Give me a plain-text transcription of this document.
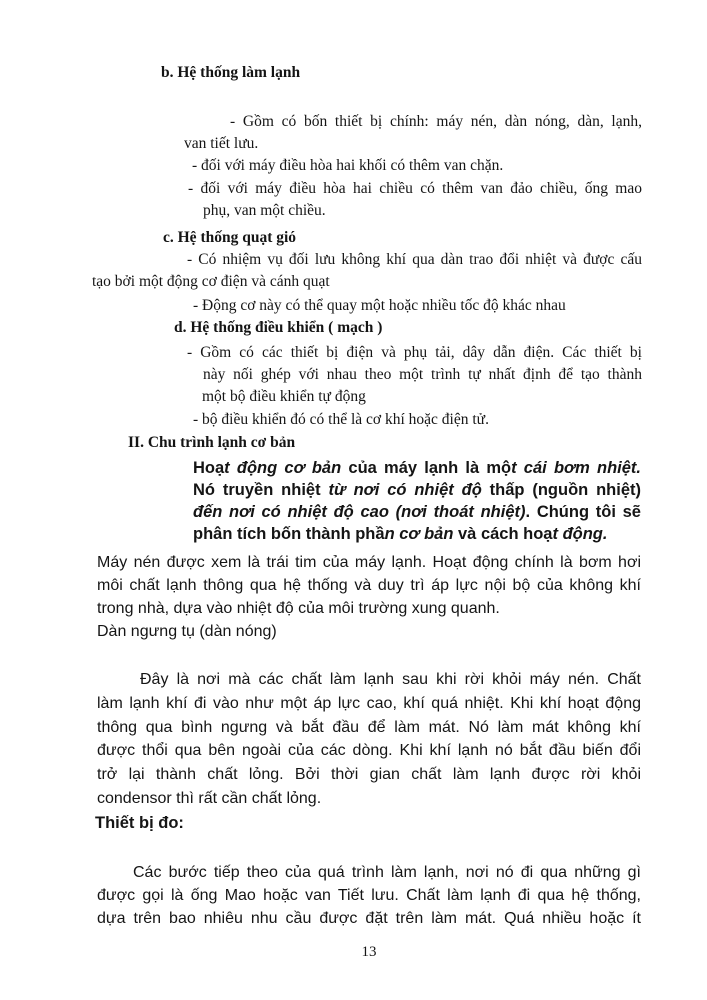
b. Hệ thống làm lạnh
- Gồm có bốn thiết bị chính: máy nén, dàn nóng, dàn, lạnh,
van tiết lưu.
- đối với máy điều hòa hai khối có thêm van chặn.
- đối với máy điều hòa hai chiều có thêm van đảo chiều, ống mao
phụ, van một chiều.
c. Hệ thống quạt gió
- Có nhiệm vụ đối lưu không khí qua dàn trao đổi nhiệt và được cấu
tạo bởi một động cơ điện và cánh quạt
- Động cơ này có thể quay một hoặc nhiều tốc độ khác nhau
d. Hệ thống điều khiển ( mạch )
- Gồm có các thiết bị điện và phụ tải, dây dẫn điện. Các thiết bị
này nối ghép với nhau theo một trình tự nhất định để tạo thành
một bộ điều khiển tự động
- bộ điều khiển đó có thể là cơ khí hoặc điện tử.
II. Chu trình lạnh cơ bản
Hoạt động cơ bản của máy lạnh là một cái bơm nhiệt.
Nó truyền nhiệt từ nơi có nhiệt độ thấp (nguồn nhiệt)
đến nơi có nhiệt độ cao (nơi thoát nhiệt). Chúng tôi sẽ
phân tích bốn thành phần cơ bản và cách hoạt động.
Máy nén được xem là trái tim của máy lạnh. Hoạt động chính là bơm hơi
môi chất lạnh thông qua hệ thống và duy trì áp lực nội bộ của không khí
trong nhà, dựa vào nhiệt độ của môi trường xung quanh.
Dàn ngưng tụ (dàn nóng)
Đây là nơi mà các chất làm lạnh sau khi rời khỏi máy nén. Chất
làm lạnh khí đi vào như một áp lực cao, khí quá nhiệt. Khi khí hoạt động
thông qua bình ngưng và bắt đầu để làm mát. Nó làm mát không khí
được thổi qua bên ngoài của các dòng. Khi khí lạnh nó bắt đầu biến đổi
trở lại thành chất lỏng. Bởi thời gian chất làm lạnh được rời khỏi
condensor thì rất cần chất lỏng.
Thiết bị đo:
Các bước tiếp theo của quá trình làm lạnh, nơi nó đi qua những gì
được gọi là ống Mao hoặc van Tiết lưu. Chất làm lạnh đi qua hệ thống,
dựa trên bao nhiêu nhu cầu được đặt trên làm mát. Quá nhiều hoặc ít
13
